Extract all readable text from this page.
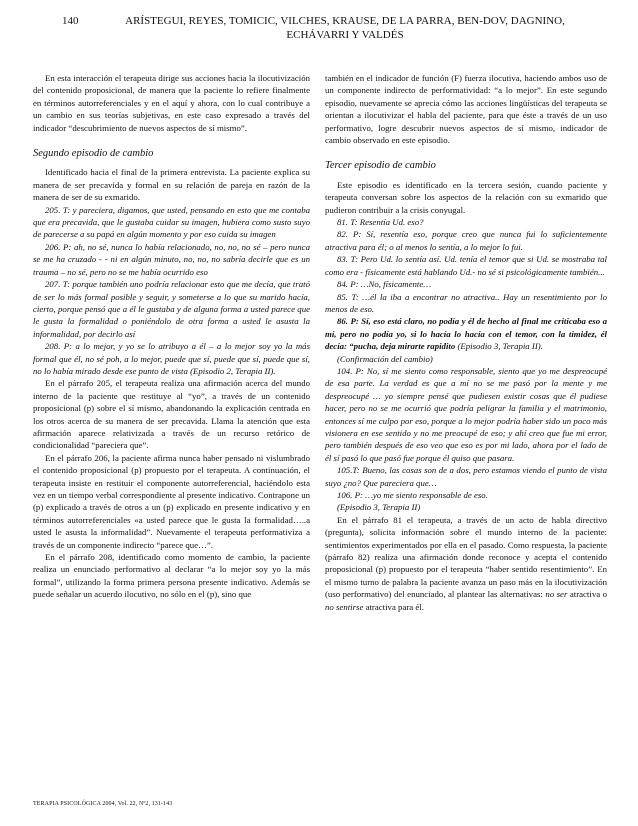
140	ARÍSTEGUI, REYES, TOMICIC, VILCHES, KRAUSE, DE LA PARRA, BEN-DOV, DAGNINO,
ECHÁVARRI Y VALDÉS

En esta interacción el terapeuta dirige sus acciones hacia la ilocutivización del contenido proposicional, de manera que la paciente lo refiere finalmente en términos autorreferenciales y en el aquí y ahora, con lo cual contribuye a un cambio en sus teorías subjetivas, en este caso expresado a través del indicador “descubrimiento de nuevos aspectos de sí mismo”.

Segundo episodio de cambio

Identificado hacia el final de la primera entrevista. La paciente explica su manera de ser precavida y formal en su relación de pareja en razón de la manera de ser de su exmarido.

205. T: y pareciera, digamos, que usted, pensando en esto que me contaba que era precavida, que le gustaba cuidar su imagen, hubiera como susto suyo de parecerse a su papá en algún momento y por eso cuida su imagen

206. P: ah, no sé, nunca lo había relacionado, no, no, no sé – pero nunca se me ha cruzado - - ni en algún minuto, no, no, no sabría decirle que es un trauma – no sé, pero no se me había ocurrido eso

207. T: porque también uno podría relacionar esto que me decía, que trató de ser lo más formal posible y seguir, y someterse a lo que su marido hacía, cierto, porque pensó que a él le gustaba y de alguna forma a usted parece que le gusta la formalidad o poniéndolo de otra forma a usted le asusta la informalidad, por decirlo así

208. P: a lo mejor, y yo se lo atribuyo a él – a lo mejor soy yo la más formal que él, no sé poh, a lo mejor, puede que sí, puede que sí, puede que sí, no lo había mirado desde ese punto de vista (Episodio 2, Terapia II).

En el párrafo 205, el terapeuta realiza una afirmación acerca del mundo interno de la paciente que restituye al “yo”, a través de un contenido proposicional (p) sobre el sí mismo, abandonando la explicación centrada en los otros acerca de su manera de ser precavida. Llama la atención que esta afirmación aparece relativizada a través de un recurso retórico de condicionalidad “pareciera que”.

En el párrafo 206, la paciente afirma nunca haber pensado ni vislumbrado el contenido proposicional (p) propuesto por el terapeuta. A continuación, el terapeuta insiste en restituir el componente autorreferencial, haciéndolo esta vez en un tiempo verbal correspondiente al presente indicativo. Contrapone un (p) explicado a través de otros a un (p) explicado en presente indicativo y en términos autorreferenciales «a usted parece que le gusta la formalidad…..a usted le asusta la informalidad”. Nuevamente el terapeuta performativiza a través de un componente indirecto “parece que…”.

En el párrafo 208, identificado como momento de cambio, la paciente realiza un enunciado performativo al declarar “a lo mejor soy yo la más formal”, utilizando la forma primera persona presente indicativo. Además se puede señalar un acuerdo ilocutivo, no sólo en el (p), sino que

también en el indicador de función (F) fuerza ilocutiva, haciendo ambos uso de un componente indirecto de performatividad: “a lo mejor”. En este segundo episodio, nuevamente se aprecia cómo las acciones lingüísticas del terapeuta se orientan a ilocutivizar el habla del paciente, para que éste a través de un uso performativo, logre descubrir nuevos aspectos de sí mismo, indicador de cambio observado en este episodio.

Tercer episodio de cambio

Este episodio es identificado en la tercera sesión, cuando paciente y terapeuta conversan sobre los aspectos de la relación con su exmarido que pudieron contribuir a la crisis conyugal.

81. T: Resentía Ud. eso?

82. P: Sí, resentía eso, porque creo que nunca fui lo suficientemente atractiva para él; o al menos lo sentía, a lo mejor lo fui.

83. T: Pero Ud. lo sentía así. Ud. tenía el temor que si Ud. se mostraba tal como era - físicamente está hablando Ud.- no sé si psicológicamente también...

84. P: …No, físicamente…

85. T: …él la iba a encontrar no atractiva.. Hay un resentimiento por lo menos de eso.

86. P: Sí, eso está claro, no podía y él de hecho al final me criticaba eso a mí, pero no podía yo, si lo hacía lo hacía con el temor, con la timidez, él decía: “pucha, deja mirarte rapidito (Episodio 3, Terapia II).

(Confirmación del cambio)

104. P: No, sí me siento como responsable, siento que yo me despreocupé de esa parte. La verdad es que a mí no se me pasó por la mente y me despreocupé … yo siempre pensé que pudiesen existir cosas que él pudiese hacer, pero no se me ocurrió que podría peligrar la familia y el matrimonio, entonces sí me culpo por eso, porque a lo mejor podría haber sido un poco más visionera en ese sentido y no me preocupé de eso; y ahí creo que fue mi error, pero también después de eso veo que eso es por mi lado, ahora por el lado de él sí pasó lo que pasó fue porque él quiso que pasara.

105.T: Bueno, las cosas son de a dos, pero estamos viendo el punto de vista suyo ¿no? Que pareciera que…

106. P: …yo me siento responsable de eso.

(Episodio 3, Terapia II)

En el párrafo 81 el terapeuta, a través de un acto de habla directivo (pregunta), solicita información sobre el mundo interno de la paciente: sentimientos experimentados por ella en el pasado. Como respuesta, la paciente (párrafo 82) realiza una afirmación donde reconoce y acepta el contenido proposicional (p) propuesto por el terapeuta “haber sentido resentimiento”. En el mismo turno de palabra la paciente avanza un paso más en la ilocutivización (uso performativo) del enunciado, al plantear las alternativas: no ser atractiva o no sentirse atractiva para él.

TERAPIA PSICOLÓGICA 2004, Vol. 22, Nº2, 131-143
